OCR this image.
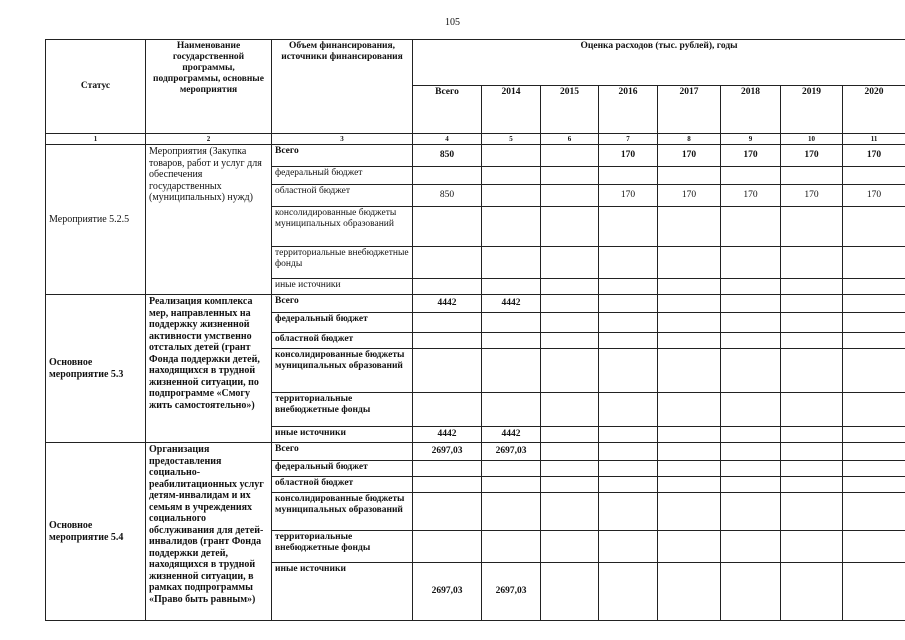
105
Статус	Наименование государственной программы, подпрограммы, основные мероприятия	Объем финансирования, источники финансирования	Оценка расходов (тыс. рублей), годы							
			Всего	2014	2015	2016	2017	2018	2019	2020
1	2	3	4	5	6	7	8	9	10	11
Мероприятие 5.2.5	Мероприятия (Закупка товаров, работ и услуг для обеспечения государственных (муниципальных) нужд)	Всего	850			170	170	170	170	170
		федеральный бюджет								
		областной бюджет	850			170	170	170	170	170
		консолидированные бюджеты муниципальных образований								
		территориальные внебюджетные фонды								
		иные источники								
Основное мероприятие 5.3	Реализация комплекса мер, направленных на поддержку жизненной активности умственно отсталых детей (грант Фонда поддержки детей, находящихся в трудной жизненной ситуации, по подпрограмме «Смогу жить самостоятельно»)	Всего	4442	4442						
		федеральный бюджет								
		областной бюджет								
		консолидированные бюджеты муниципальных образований								
		территориальные внебюджетные фонды								
		иные источники	4442	4442						
Основное мероприятие 5.4	Организация предоставления социально-реабилитационных услуг детям-инвалидам и их семьям в учреждениях социального обслуживания для детей-инвалидов (грант Фонда поддержки детей, находящихся в трудной жизненной ситуации, в рамках подпрограммы «Право быть равным»)	Всего	2697,03	2697,03						
		федеральный бюджет								
		областной бюджет								
		консолидированные бюджеты муниципальных образований								
		территориальные внебюджетные фонды								
		иные источники	2697,03	2697,03						
